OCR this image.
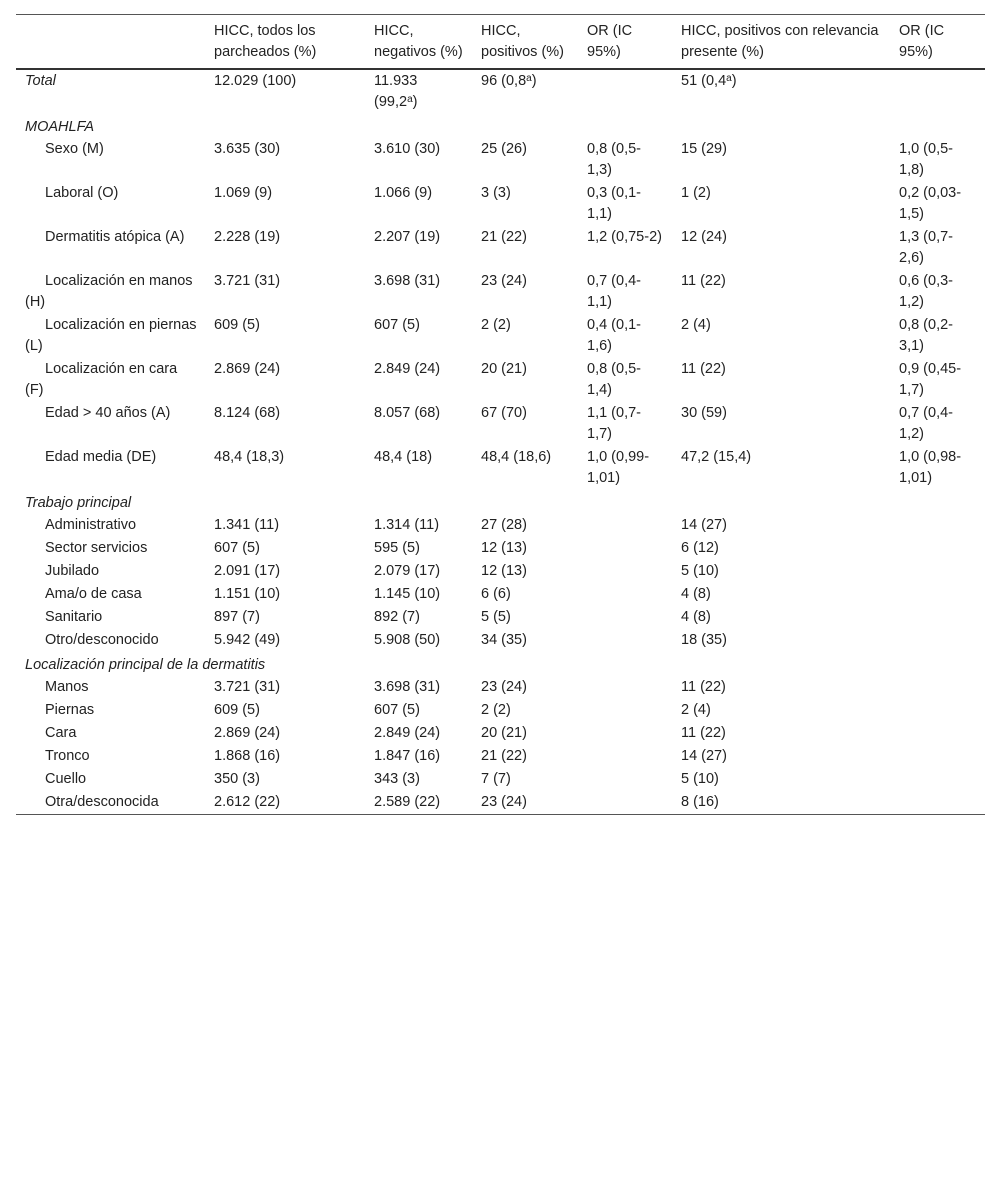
	HICC, todos los parcheados (%)	HICC, negativos (%)	HICC, positivos (%)	OR (IC 95%)	HICC, positivos con relevancia presente (%)	OR (IC 95%)
Total	12.029 (100)	11.933 (99,2$^a$)	96 (0,8$^a$)		51 (0,4$^a$)	
MOAHLFA						
Sexo (M)	3.635 (30)	3.610 (30)	25 (26)	0,8 (0,5-1,3)	15 (29)	1,0 (0,5-1,8)
Laboral (O)	1.069 (9)	1.066 (9)	3 (3)	0,3 (0,1-1,1)	1 (2)	0,2 (0,03-1,5)
Dermatitis atópica (A)	2.228 (19)	2.207 (19)	21 (22)	1,2 (0,75-2)	12 (24)	1,3 (0,7-2,6)
Localización en manos (H)	3.721 (31)	3.698 (31)	23 (24)	0,7 (0,4-1,1)	11 (22)	0,6 (0,3-1,2)
Localización en piernas (L)	609 (5)	607 (5)	2 (2)	0,4 (0,1-1,6)	2 (4)	0,8 (0,2-3,1)
Localización en cara (F)	2.869 (24)	2.849 (24)	20 (21)	0,8 (0,5-1,4)	11 (22)	0,9 (0,45-1,7)
Edad > 40 años (A)	8.124 (68)	8.057 (68)	67 (70)	1,1 (0,7-1,7)	30 (59)	0,7 (0,4-1,2)
Edad media (DE)	48,4 (18,3)	48,4 (18)	48,4 (18,6)	1,0 (0,99-1,01)	47,2 (15,4)	1,0 (0,98-1,01)
Trabajo principal						
Administrativo	1.341 (11)	1.314 (11)	27 (28)		14 (27)	
Sector servicios	607 (5)	595 (5)	12 (13)		6 (12)	
Jubilado	2.091 (17)	2.079 (17)	12 (13)		5 (10)	
Ama/o de casa	1.151 (10)	1.145 (10)	6 (6)		4 (8)	
Sanitario	897 (7)	892 (7)	5 (5)		4 (8)	
Otro/desconocido	5.942 (49)	5.908 (50)	34 (35)		18 (35)	
Localización principal de la dermatitis						
Manos	3.721 (31)	3.698 (31)	23 (24)		11 (22)	
Piernas	609 (5)	607 (5)	2 (2)		2 (4)	
Cara	2.869 (24)	2.849 (24)	20 (21)		11 (22)	
Tronco	1.868 (16)	1.847 (16)	21 (22)		14 (27)	
Cuello	350 (3)	343 (3)	7 (7)		5 (10)	
Otra/desconocida	2.612 (22)	2.589 (22)	23 (24)		8 (16)	
